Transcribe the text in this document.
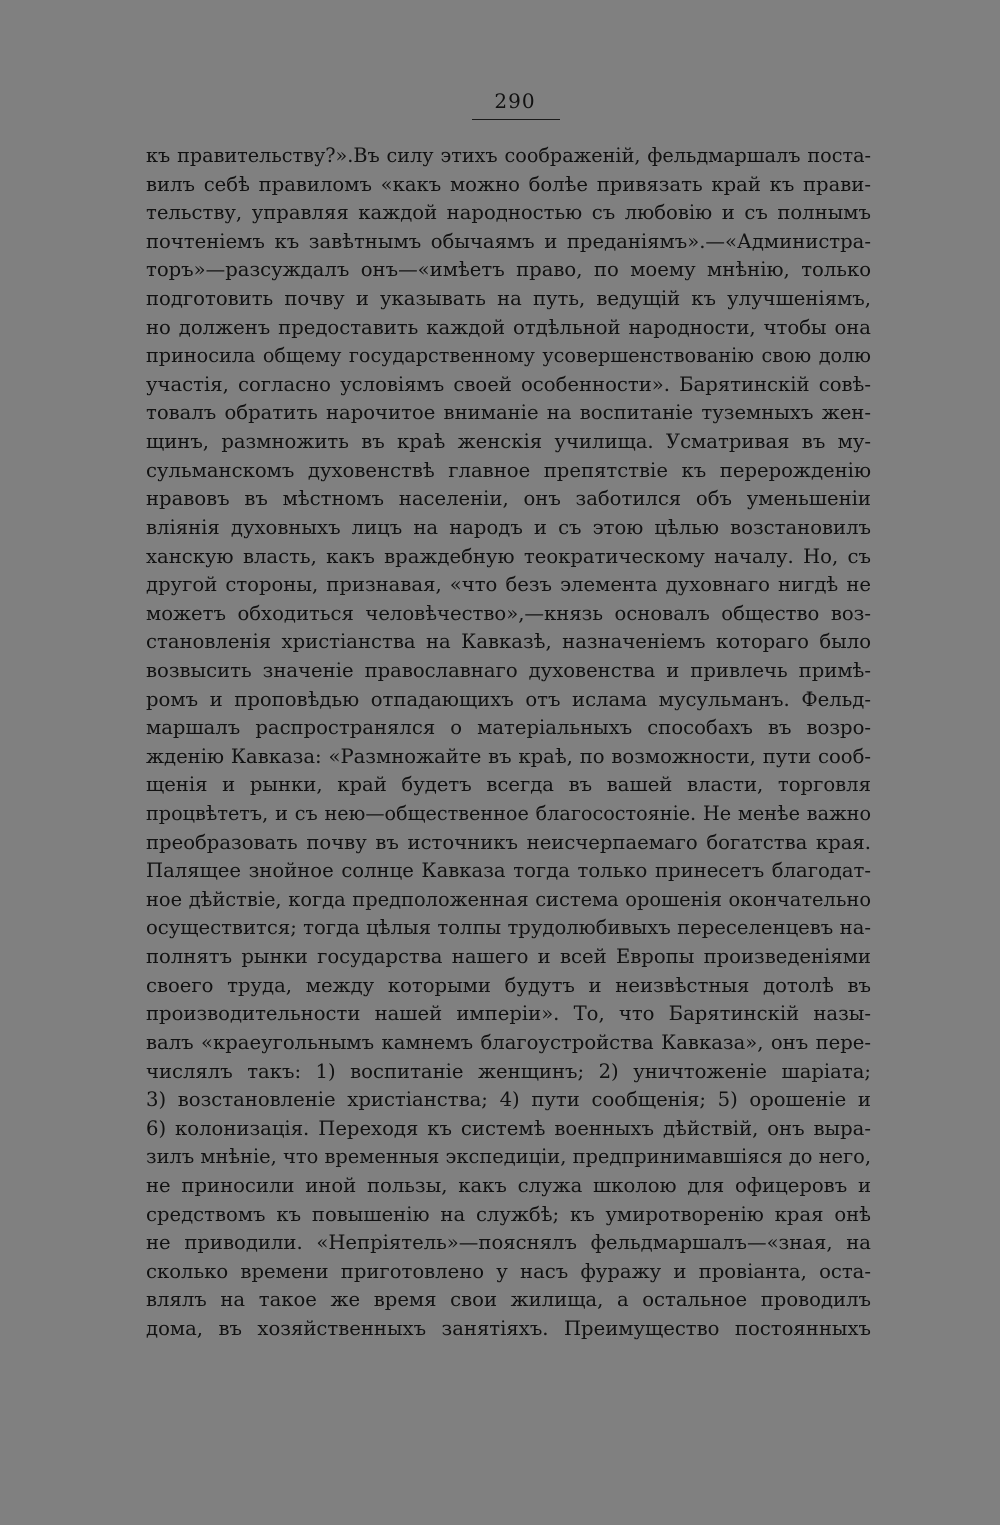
290
къ правительству?».Въ силу этихъ соображенiй, фельдмаршалъ поста-
вилъ себѣ правиломъ «какъ можно болѣе привязать край къ прави-
тельству, управляя каждой народностью съ любовiю и съ полнымъ
почтенiемъ къ завѣтнымъ обычаямъ и преданiямъ».—«Администра-
торъ»—разсуждалъ онъ—«имѣетъ право, по моему мнѣнiю, только
подготовить почву и указывать на путь, ведущiй къ улучшенiямъ,
но долженъ предоставить каждой отдѣльной народности, чтобы она
приносила общему государственному усовершенствованiю свою долю
участiя, согласно условiямъ своей особенности». Барятинскiй совѣ-
товалъ обратить нарочитое вниманiе на воспитанiе туземныхъ жен-
щинъ, размножить въ краѣ женскiя училища. Усматривая въ му-
сульманскомъ духовенствѣ главное препятствiе къ перерожденiю
нравовъ въ мѣстномъ населенiи, онъ заботился объ уменьшенiи
влiянiя духовныхъ лицъ на народъ и съ этою цѣлью возстановилъ
ханскую власть, какъ враждебную теократическому началу. Но, съ
другой стороны, признавая, «что безъ элемента духовнаго нигдѣ не
можетъ обходиться человѣчество»,—князь основалъ общество воз-
становленiя христiанства на Кавказѣ, назначенiемъ котораго было
возвысить значенiе православнаго духовенства и привлечь примѣ-
ромъ и проповѣдью отпадающихъ отъ ислама мусульманъ. Фельд-
маршалъ распространялся о матерiальныхъ способахъ въ возро-
жденiю Кавказа: «Размножайте въ краѣ, по возможности, пути сооб-
щенiя и рынки, край будетъ всегда въ вашей власти, торговля
процвѣтетъ, и съ нею—общественное благосостоянiе. Не менѣе важно
преобразовать почву въ источникъ неисчерпаемаго богатства края.
Палящее знойное солнце Кавказа тогда только принесетъ благодат-
ное дѣйствiе, когда предположенная система орошенiя окончательно
осуществится; тогда цѣлыя толпы трудолюбивыхъ переселенцевъ на-
полнятъ рынки государства нашего и всей Европы произведенiями
своего труда, между которыми будутъ и неизвѣстныя дотолѣ въ
производительности нашей имперiи». То, что Барятинскiй назы-
валъ «краеугольнымъ камнемъ благоустройства Кавказа», онъ пере-
числялъ такъ: 1) воспитанiе женщинъ; 2) уничтоженiе шарiата;
3) возстановленiе христiанства; 4) пути сообщенiя; 5) орошенiе и
6) колонизацiя. Переходя къ системѣ военныхъ дѣйствiй, онъ выра-
зилъ мнѣнiе, что временныя экспедицiи, предпринимавшiяся до него,
не приносили иной пользы, какъ служа школою для офицеровъ и
средствомъ къ повышенiю на службѣ; къ умиротворенiю края онѣ
не приводили. «Непрiятель»—пояснялъ фельдмаршалъ—«зная, на
сколько времени приготовлено у насъ фуражу и провiанта, оста-
влялъ на такое же время свои жилища, а остальное проводилъ
дома, въ хозяйственныхъ занятiяхъ. Преимущество постоянныхъ
